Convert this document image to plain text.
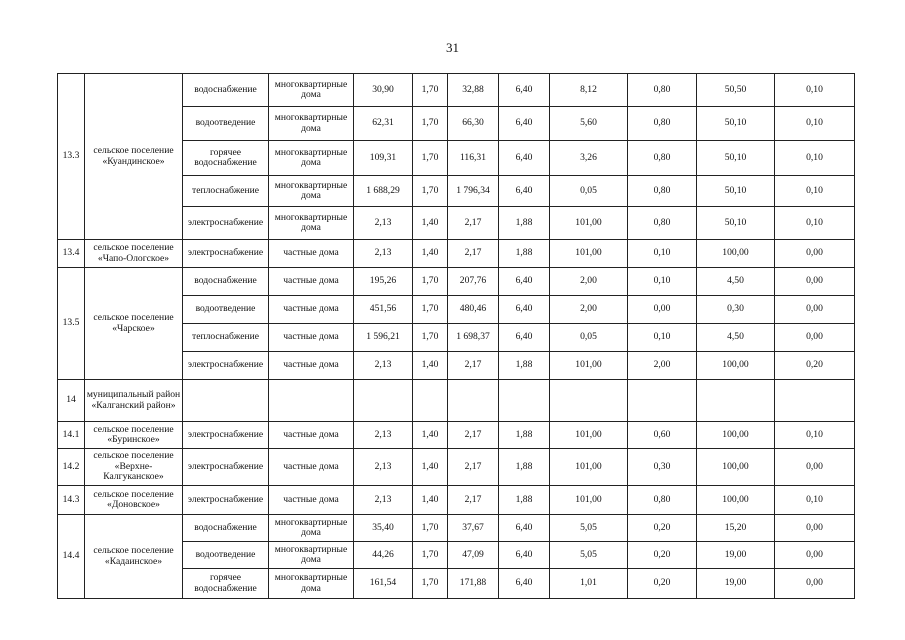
31
13.3	сельское поселение «Куандинское»	водоснабжение	многоквартирные дома	30,90	1,70	32,88	6,40	8,12	0,80	50,50	0,10
		водоотведение	многоквартирные дома	62,31	1,70	66,30	6,40	5,60	0,80	50,10	0,10
		горячее водоснабжение	многоквартирные дома	109,31	1,70	116,31	6,40	3,26	0,80	50,10	0,10
		теплоснабжение	многоквартирные дома	1 688,29	1,70	1 796,34	6,40	0,05	0,80	50,10	0,10
		электроснабжение	многоквартирные дома	2,13	1,40	2,17	1,88	101,00	0,80	50,10	0,10
13.4	сельское поселение «Чапо-Ологское»	электроснабжение	частные дома	2,13	1,40	2,17	1,88	101,00	0,10	100,00	0,00
13.5	сельское поселение «Чарское»	водоснабжение	частные дома	195,26	1,70	207,76	6,40	2,00	0,10	4,50	0,00
		водоотведение	частные дома	451,56	1,70	480,46	6,40	2,00	0,00	0,30	0,00
		теплоснабжение	частные дома	1 596,21	1,70	1 698,37	6,40	0,05	0,10	4,50	0,00
		электроснабжение	частные дома	2,13	1,40	2,17	1,88	101,00	2,00	100,00	0,20
14	муниципальный район «Калганский район»										
14.1	сельское поселение «Буринское»	электроснабжение	частные дома	2,13	1,40	2,17	1,88	101,00	0,60	100,00	0,10
14.2	сельское поселение «Верхне-Калгуканское»	электроснабжение	частные дома	2,13	1,40	2,17	1,88	101,00	0,30	100,00	0,00
14.3	сельское поселение «Доновское»	электроснабжение	частные дома	2,13	1,40	2,17	1,88	101,00	0,80	100,00	0,10
14.4	сельское поселение «Кадаинское»	водоснабжение	многоквартирные дома	35,40	1,70	37,67	6,40	5,05	0,20	15,20	0,00
		водоотведение	многоквартирные дома	44,26	1,70	47,09	6,40	5,05	0,20	19,00	0,00
		горячее водоснабжение	многоквартирные дома	161,54	1,70	171,88	6,40	1,01	0,20	19,00	0,00
